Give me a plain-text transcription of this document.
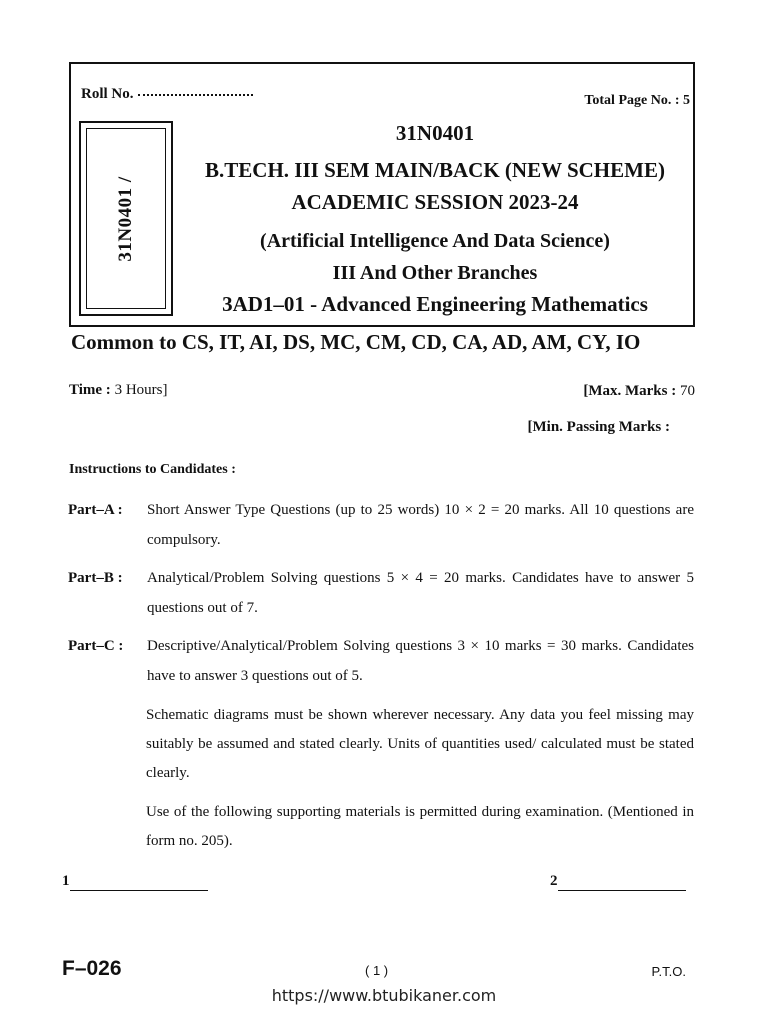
Roll No.	Total Page No. : 5
31N0401 /
31N0401
B.TECH. III SEM MAIN/BACK (NEW SCHEME)
ACADEMIC SESSION 2023-24
(Artificial Intelligence And Data Science)
III And Other Branches
3AD1–01 - Advanced Engineering Mathematics
Common to CS, IT, AI, DS, MC, CM, CD, CA, AD, AM, CY, IO
Time : 3 Hours]	[Max. Marks : 70
[Min. Passing Marks :
Instructions to Candidates :
Part–A : Short Answer Type Questions (up to 25 words) 10 × 2 = 20 marks. All 10 questions are compulsory.
Part–B : Analytical/Problem Solving questions 5 × 4 = 20 marks. Candidates have to answer 5 questions out of 7.
Part–C : Descriptive/Analytical/Problem Solving questions 3 × 10 marks = 30 marks. Candidates have to answer 3 questions out of 5.
Schematic diagrams must be shown wherever necessary. Any data you feel missing may suitably be assumed and stated clearly. Units of quantities used/ calculated must be stated clearly.
Use of the following supporting materials is permitted during examination. (Mentioned in form no. 205).
1	2
F–026	( 1 )	P.T.O.
https://www.btubikaner.com
